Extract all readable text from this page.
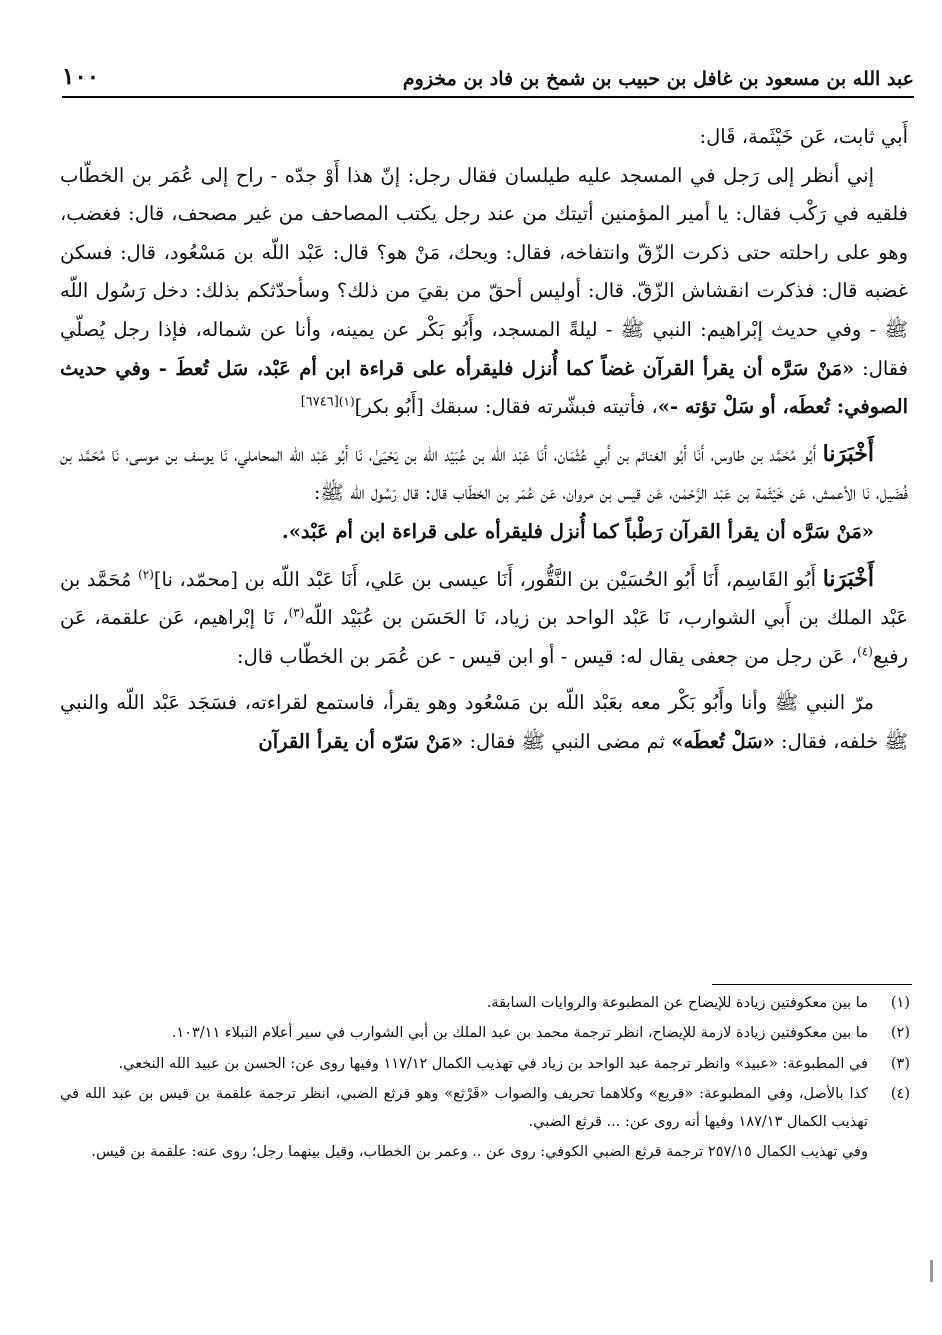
عبد الله بن مسعود بن غافل بن حبيب بن شمخ بن فاد بن مخزوم
١٠٠

أَبي ثابت، عَن خَيْثَمة، قَال:

إني أنظر إلى رَجل في المسجد عليه طيلسان فقال رجل: إنّ هذا أَوْ جدّه - راح إلى عُمَر بن الخطّاب فلقيه في رَكْب فقال: يا أمير المؤمنين أتيتك من عند رجل يكتب المصاحف من غير مصحف، قال: فغضب، وهو على راحلته حتى ذكرت الزّقّ وانتفاخه، فقال: ويحك، مَنْ هو؟ قال: عَبْد اللّه بن مَسْعُود، قال: فسكن غضبه قال: فذكرت انقشاش الزّقّ. قال: أوليس أحقّ من بقيَ من ذلك؟ وسأحدّثكم بذلك: دخل رَسُول اللّه ﷺ - وفي حديث إبْراهيم: النبي ﷺ - ليلةً المسجد، وأَبُو بَكْر عن يمينه، وأنا عن شماله، فإذا رجل يُصلّي فقال: «مَنْ سَرَّه أن يقرأ القرآن غضاً كما أُنزل فليقرأه على قراءة ابن أم عَبْد، سَل تُعطَ - وفي حديث الصوفي: تُعطَه، أو سَلْ تؤته -»، فأتيته فبشّرته فقال: سبقك [أَبُو بكر]$^{(١)[٦٧٤٦]}$

أَخْبَرَنا أَبُو مُحَمَّد بن طاوس، أَنَا أَبُو الغنائم بن أَبي عُثْمَان، أَنَا عَبْد اللّه بن عُبَيْد اللّه بن يَحْيَىٰ، نَا أَبُو عَبْد اللّه المحاملي، نَا يوسف بن موسى، نَا مُحَمَّد بن فُضَيل، نَا الأعمش، عَن خَيْثَمة بن عَبْد الرَّحْمٰن، عَن قيس بن مروان، عَن عُمَر بن الخطّاب قال: قال رَسُول اللّه ﷺ:

«مَنْ سَرَّه أن يقرأ القرآن رَطْباً كما أُنزل فليقرأه على قراءة ابن أم عَبْد».

أَخْبَرَنا أَبُو القَاسِم، أَنَا أَبُو الحُسَيْن بن النَّقُّور، أَنَا عيسى بن عَلي، أَنَا عَبْد اللّه بن [محمّد، نا]$^{(٢)}$ مُحَمَّد بن عَبْد الملك بن أَبي الشوارب، نَا عَبْد الواحد بن زياد، نَا الحَسَن بن عُبَيْد اللّه$^{(٣)}$، نَا إبْراهيم، عَن علقمة، عَن رفيع$^{(٤)}$، عَن رجل من جعفى يقال له: قيس - أو ابن قيس - عن عُمَر بن الخطّاب قال:

مرّ النبي ﷺ وأنا وأَبُو بَكْر معه بعَبْد اللّه بن مَسْعُود وهو يقرأ، فاستمع لقراءته، فسَجَد عَبْد اللّه والنبي ﷺ خلفه، فقال: «سَلْ تُعطَه» ثم مضى النبي ﷺ فقال: «مَنْ سَرّه أن يقرأ القرآن

(١)
ما بين معكوفتين زيادة للإيضاح عن المطبوعة والروايات السابقة.
(٢)
ما بين معكوفتين زيادة لازمة للإيضاح، انظر ترجمة محمد بن عبد الملك بن أبي الشوارب في سير أعلام النبلاء ١٠٣/١١.
(٣)
في المطبوعة: «عبيد» وانظر ترجمة عبد الواحد بن زياد في تهذيب الكمال ١١٧/١٢ وفيها روى عن: الحسن بن عبيد الله النخعي.
(٤)
كذا بالأصل، وفي المطبوعة: «قريع» وكلاهما تحريف والصواب «قَرْثع» وهو قرثع الضبي، انظر ترجمة علقمة بن قيس بن عبد الله في تهذيب الكمال ١٨٧/١٣ وفيها أنه روى عن: ... قرثع الضبي.
وفي تهذيب الكمال ٢٥٧/١٥ ترجمة قرثع الضبي الكوفي: روى عن .. وعمر بن الخطاب، وقيل بينهما رجل؛ روى عنه: علقمة بن قيس.
